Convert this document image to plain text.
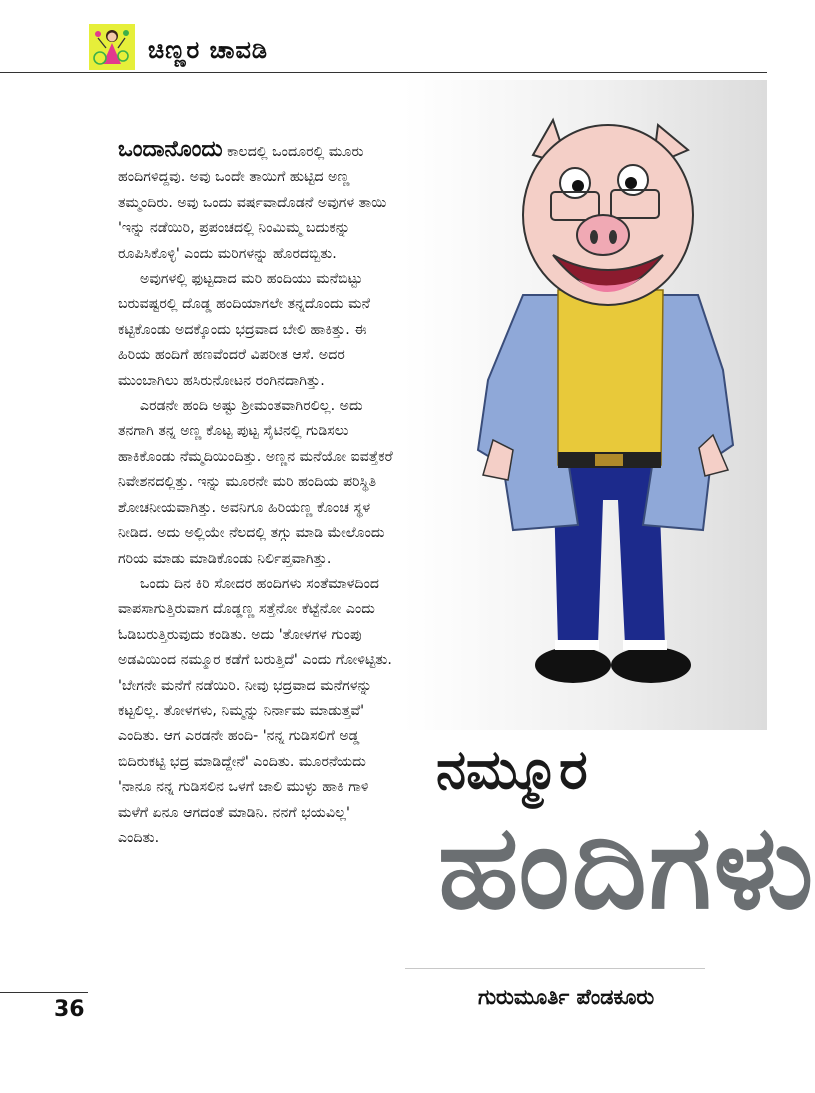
ಚಿಣ್ಣರ ಚಾವಡಿ

ಒಂದಾನೊಂದು ಕಾಲದಲ್ಲಿ ಒಂದೂರಲ್ಲಿ ಮೂರು ಹಂದಿಗಳಿದ್ದವು. ಅವು ಒಂದೇ ತಾಯಿಗೆ ಹುಟ್ಟಿದ ಅಣ್ಣ ತಮ್ಮಂದಿರು. ಅವು ಒಂದು ವರ್ಷವಾದೊಡನೆ ಅವುಗಳ ತಾಯಿ 'ಇನ್ನು ನಡೆಯಿರಿ, ಪ್ರಪಂಚದಲ್ಲಿ ನಿಂಮಿಮ್ಮ ಬದುಕನ್ನು ರೂಪಿಸಿಕೊಳ್ಳಿ' ಎಂದು ಮರಿಗಳನ್ನು ಹೊರದಬ್ಬಿತು.

ಅವುಗಳಲ್ಲಿ ಫುಟ್ಟದಾದ ಮರಿ ಹಂದಿಯು ಮನೆಬಿಟ್ಟು ಬರುವಷ್ಟರಲ್ಲಿ ದೊಡ್ಡ ಹಂದಿಯಾಗಲೇ ತನ್ನದೊಂದು ಮನೆ ಕಟ್ಟಿಕೊಂಡು ಅದಕ್ಕೊಂದು ಭದ್ರವಾದ ಬೇಲಿ ಹಾಕಿತ್ತು. ಈ ಹಿರಿಯ ಹಂದಿಗೆ ಹಣವೆಂದರೆ ವಿಪರೀತ ಆಸೆ. ಅದರ ಮುಂಬಾಗಿಲು ಹಸಿರುನೋಟನ ರಂಗಿನದಾಗಿತ್ತು.

ಎರಡನೇ ಹಂದಿ ಅಷ್ಟು ಶ್ರೀಮಂತವಾಗಿರಲಿಲ್ಲ. ಅದು ತನಗಾಗಿ ತನ್ನ ಅಣ್ಣ ಕೊಟ್ಟ ಪುಟ್ಟ ಸೈಟಿನಲ್ಲಿ ಗುಡಿಸಲು ಹಾಕಿಕೊಂಡು ನೆಮ್ಮದಿಯಿಂದಿತ್ತು. ಅಣ್ಣನ ಮನೆಯೋ ಐವತ್ತೆಕರೆ ನಿವೇಶನದಲ್ಲಿತ್ತು. ಇನ್ನು ಮೂರನೇ ಮರಿ ಹಂದಿಯ ಪರಿಸ್ಥಿತಿ ಶೋಚನೀಯವಾಗಿತ್ತು. ಅವನಿಗೂ ಹಿರಿಯಣ್ಣ ಕೊಂಚ ಸ್ಥಳ ನೀಡಿದ. ಅದು ಅಲ್ಲಿಯೇ ನೆಲದಲ್ಲಿ ತಗ್ಗು ಮಾಡಿ ಮೇಲೊಂದು ಗರಿಯ ಮಾಡು ಮಾಡಿಕೊಂಡು ನಿರ್ಲಿಪ್ತವಾಗಿತ್ತು.

ಒಂದು ದಿನ ಕಿರಿ ಸೋದರ ಹಂದಿಗಳು ಸಂತೆಮಾಳದಿಂದ ವಾಪಸಾಗುತ್ತಿರುವಾಗ ದೊಡ್ಡಣ್ಣ ಸತ್ತೆನೋ ಕೆಟ್ಟೆನೋ ಎಂದು ಓಡಿಬರುತ್ತಿರುವುದು ಕಂಡಿತು. ಅದು 'ತೋಳಗಳ ಗುಂಪು ಅಡವಿಯಿಂದ ನಮ್ಮೂರ ಕಡೆಗೆ ಬರುತ್ತಿದೆ' ಎಂದು ಗೋಳಿಟ್ಟಿತು. 'ಬೇಗನೇ ಮನೆಗೆ ನಡೆಯಿರಿ. ನೀವು ಭದ್ರವಾದ ಮನೆಗಳನ್ನು ಕಟ್ಟಲಿಲ್ಲ. ತೋಳಗಳು, ನಿಮ್ಮನ್ನು ನಿರ್ನಾಮ ಮಾಡುತ್ತವೆ' ಎಂದಿತು. ಆಗ ಎರಡನೇ ಹಂದಿ- 'ನನ್ನ ಗುಡಿಸಲಿಗೆ ಅಡ್ಡ ಬಿದಿರುಕಟ್ಟಿ ಭದ್ರ ಮಾಡಿದ್ದೇನೆ' ಎಂದಿತು. ಮೂರನೆಯದು 'ನಾನೂ ನನ್ನ ಗುಡಿಸಲಿನ ಒಳಗೆ ಜಾಲಿ ಮುಳ್ಳು ಹಾಕಿ ಗಾಳಿ ಮಳೆಗೆ ಏನೂ ಆಗದಂತೆ ಮಾಡಿನಿ. ನನಗೆ ಭಯವಿಲ್ಲ' ಎಂದಿತು.

ನಮ್ಮೂರ
ಹಂದಿಗಳು
ಗುರುಮೂರ್ತಿ ಪೆಂಡಕೂರು
36
